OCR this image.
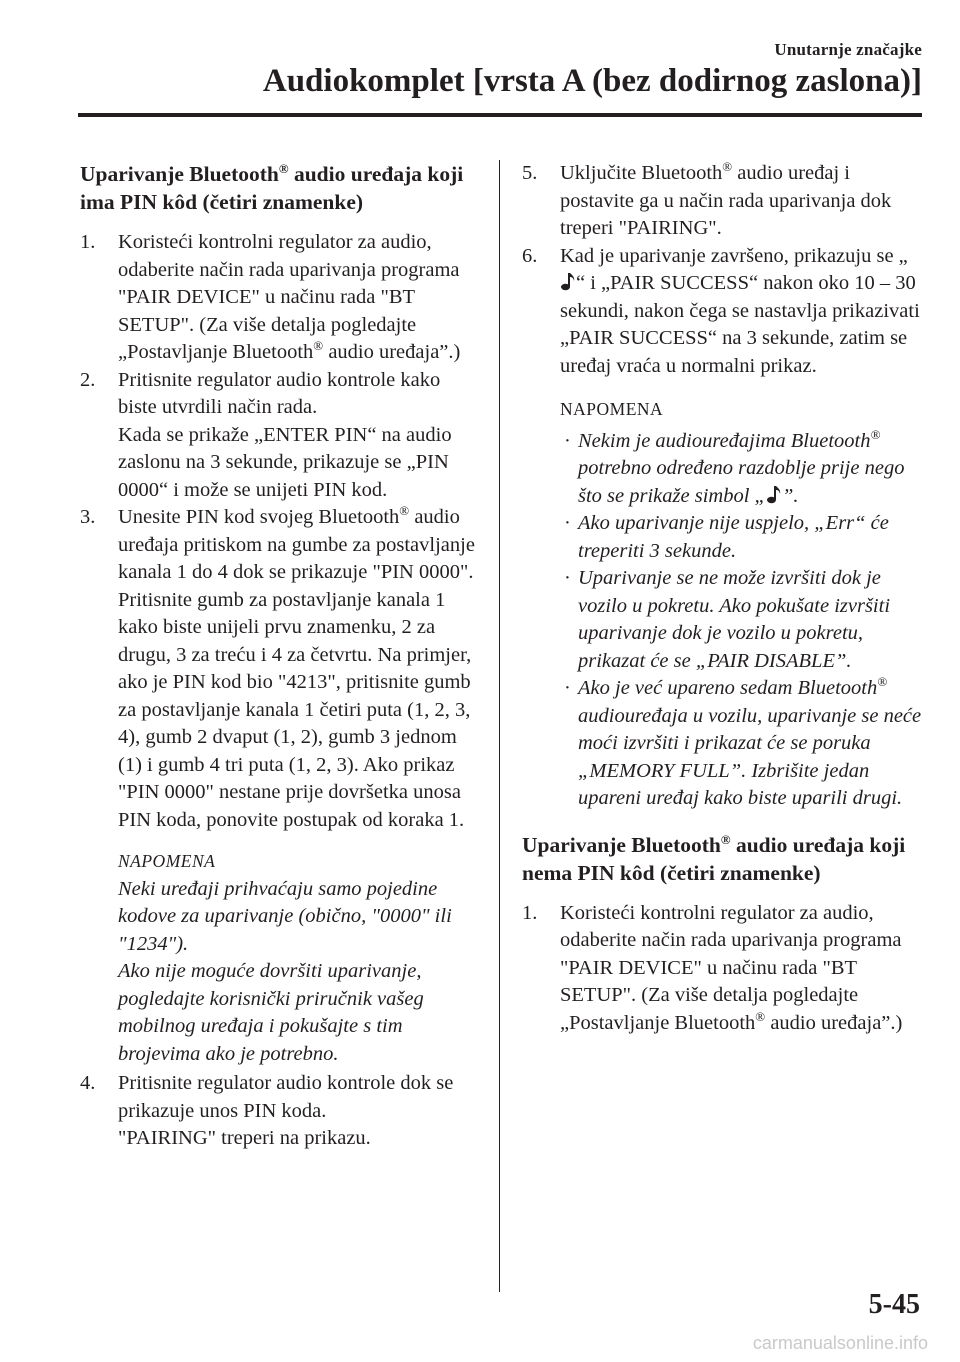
Unutarnje značajke
Audiokomplet [vrsta A (bez dodirnog zaslona)]
Uparivanje Bluetooth® audio uređaja koji ima PIN kôd (četiri znamenke)
1. Koristeći kontrolni regulator za audio, odaberite način rada uparivanja programa "PAIR DEVICE" u načinu rada "BT SETUP". (Za više detalja pogledajte „Postavljanje Bluetooth® audio uređaja”.)

2. Pritisnite regulator audio kontrole kako biste utvrdili način rada.

Kada se prikaže „ENTER PIN“ na audio zaslonu na 3 sekunde, prikazuje se „PIN 0000“ i može se unijeti PIN kod.

3. Unesite PIN kod svojeg Bluetooth® audio uređaja pritiskom na gumbe za postavljanje kanala 1 do 4 dok se prikazuje "PIN 0000".

Pritisnite gumb za postavljanje kanala 1 kako biste unijeli prvu znamenku, 2 za drugu, 3 za treću i 4 za četvrtu. Na primjer, ako je PIN kod bio "4213", pritisnite gumb za postavljanje kanala 1 četiri puta (1, 2, 3, 4), gumb 2 dvaput (1, 2), gumb 3 jednom (1) i gumb 4 tri puta (1, 2, 3). Ako prikaz "PIN 0000" nestane prije dovršetka unosa PIN koda, ponovite postupak od koraka 1.

NAPOMENA

Neki uređaji prihvaćaju samo pojedine kodove za uparivanje (obično, "0000" ili "1234").

Ako nije moguće dovršiti uparivanje, pogledajte korisnički priručnik vašeg mobilnog uređaja i pokušajte s tim brojevima ako je potrebno.

4. Pritisnite regulator audio kontrole dok se prikazuje unos PIN koda.

"PAIRING" treperi na prikazu.

5. Uključite Bluetooth® audio uređaj i postavite ga u način rada uparivanja dok treperi "PAIRING".

6. Kad je uparivanje završeno, prikazuju se „
“ i „PAIR SUCCESS“ nakon oko 10 – 30 sekundi, nakon čega se nastavlja prikazivati „PAIR SUCCESS“ na 3 sekunde, zatim se uređaj vraća u normalni prikaz.

NAPOMENA
· Nekim je audiouređajima Bluetooth® potrebno određeno razdoblje prije nego što se prikaže simbol „ ”.
· Ako uparivanje nije uspjelo, „Err“ će treperiti 3 sekunde.
· Uparivanje se ne može izvršiti dok je vozilo u pokretu. Ako pokušate izvršiti uparivanje dok je vozilo u pokretu, prikazat će se „PAIR DISABLE”.
· Ako je već upareno sedam Bluetooth® audiouređaja u vozilu, uparivanje se neće moći izvršiti i prikazat će se poruka „MEMORY FULL”. Izbrišite jedan upareni uređaj kako biste uparili drugi.
Uparivanje Bluetooth® audio uređaja koji nema PIN kôd (četiri znamenke)
1. Koristeći kontrolni regulator za audio, odaberite način rada uparivanja programa "PAIR DEVICE" u načinu rada "BT SETUP". (Za više detalja pogledajte „Postavljanje Bluetooth® audio uređaja”.)

5-45
carmanualsonline.info
